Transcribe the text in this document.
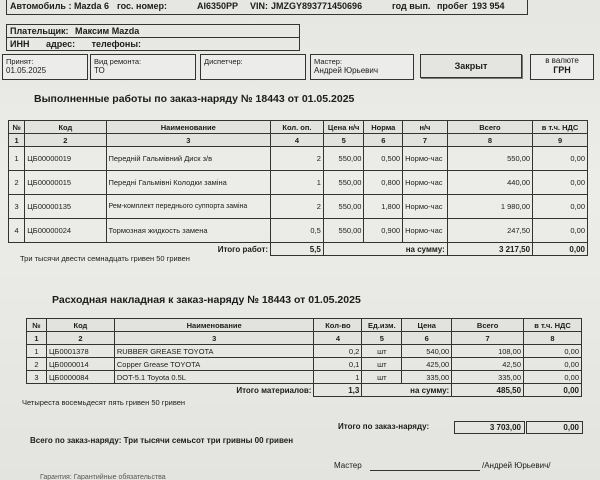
Автомобиль : Mazda 6 гос. номер:	AI6350PP VIN: JMZGY893771450696	год вып. пробег 193 954
Плательщик: Максим Mazda
ИНН адрес: телефоны:
Принят:
01.05.2025
Вид ремонта:
ТО
Диспетчер:	Мастер:
Андрей Юрьевич	Закрыт
в валюте
ГРН
Выполненные работы по заказ-наряду № 18443 от 01.05.2025
№	Код	Наименование	Кол. оп.	Цена н/ч	Норма	н/ч	Всего	в т.ч. НДС
1	2	3	4	5	6	7	8	9
1	ЦБ00000019	Передній Гальмівний Диск з/в	2	550,00	0,500	Нормо-час	550,00	0,00
2	ЦБ00000015	Передні Гальмівні Колодки заміна	1	550,00	0,800	Нормо-час	440,00	0,00
3	ЦБ00000135	Рем-комплект переднього суппорта заміна	2	550,00	1,800	Нормо-час	1 980,00	0,00
4	ЦБ00000024	Тормозная жидкость замена	0,5	550,00	0,900	Нормо-час	247,50	0,00
Итого работ:			5,5	на сумму:			3 217,50	0,00
Три тысячи двести семнадцать гривен 50 гривен
Расходная накладная к заказ-наряду № 18443 от 01.05.2025
№	Код	Наименование	Кол-во	Ед.изм.	Цена	Всего	в т.ч. НДС
1	2	3	4	5	6	7	8
1	ЦБ0001378	RUBBER GREASE TOYOTA	0,2	шт	540,00	108,00	0,00
2	ЦБ0000014	Copper Grease TOYOTA	0,1	шт	425,00	42,50	0,00
3	ЦБ0000084	DOT-5.1 Toyota 0.5L	1	шт	335,00	335,00	0,00
Итого материалов:			1,3	на сумму:		485,50	0,00
Четыреста восемьдесят пять гривен 50 гривен
Итого по заказ-наряду:	3 703,00	0,00
Всего по заказ-наряду: Три тысячи семьсот три гривны 00 гривен
Мастер	/Андрей Юрьевич/
Гарантия: Гарантийные обязательства
